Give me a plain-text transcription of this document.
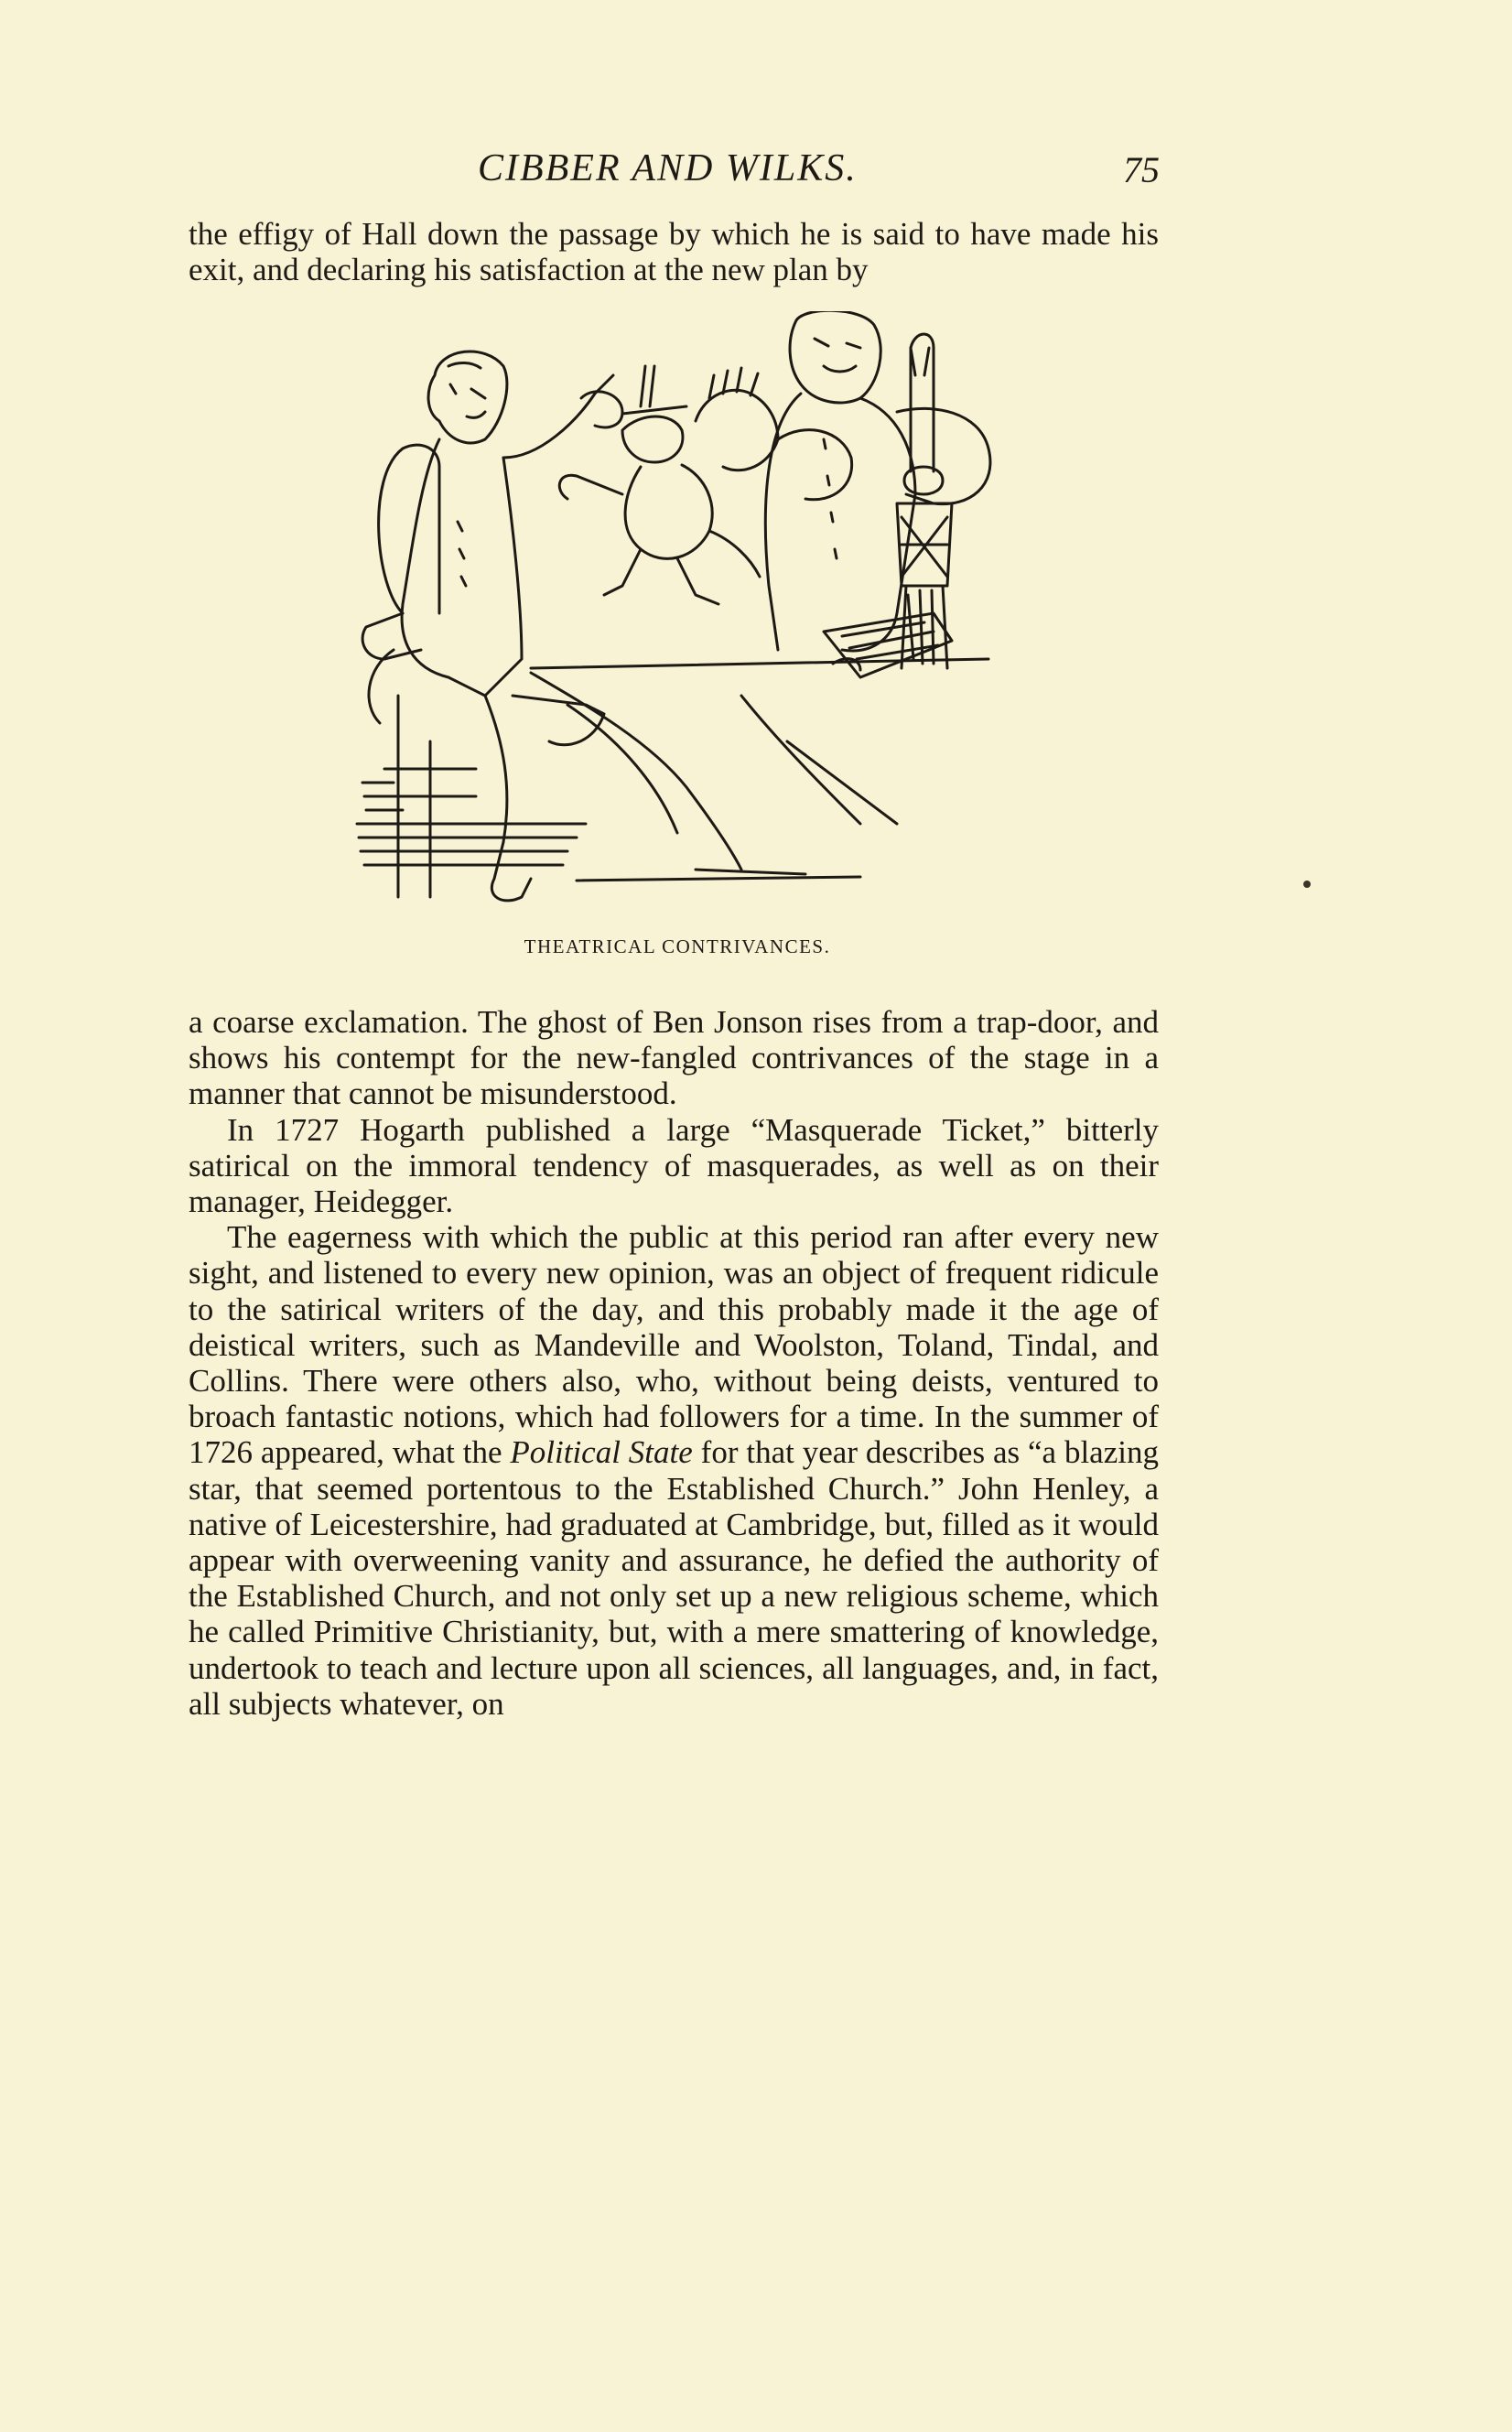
CIBBER AND WILKS.	75

the effigy of Hall down the passage by which he is said to have made his exit, and declaring his satisfaction at the new plan by

THEATRICAL CONTRIVANCES.

a coarse exclamation. The ghost of Ben Jonson rises from a trap-door, and shows his contempt for the new-fangled contrivances of the stage in a manner that cannot be misunderstood.

In 1727 Hogarth published a large “Masquerade Ticket,” bitterly satirical on the immoral tendency of masquerades, as well as on their manager, Heidegger.

The eagerness with which the public at this period ran after every new sight, and listened to every new opinion, was an object of frequent ridicule to the satirical writers of the day, and this probably made it the age of deistical writers, such as Mandeville and Woolston, Toland, Tindal, and Collins. There were others also, who, without being deists, ventured to broach fantastic notions, which had followers for a time. In the summer of 1726 appeared, what the Political State for that year describes as “a blazing star, that seemed portentous to the Established Church.” John Henley, a native of Leicestershire, had graduated at Cambridge, but, filled as it would appear with overweening vanity and assurance, he defied the authority of the Established Church, and not only set up a new religious scheme, which he called Primitive Christianity, but, with a mere smattering of knowledge, undertook to teach and lecture upon all sciences, all languages, and, in fact, all subjects whatever, on
